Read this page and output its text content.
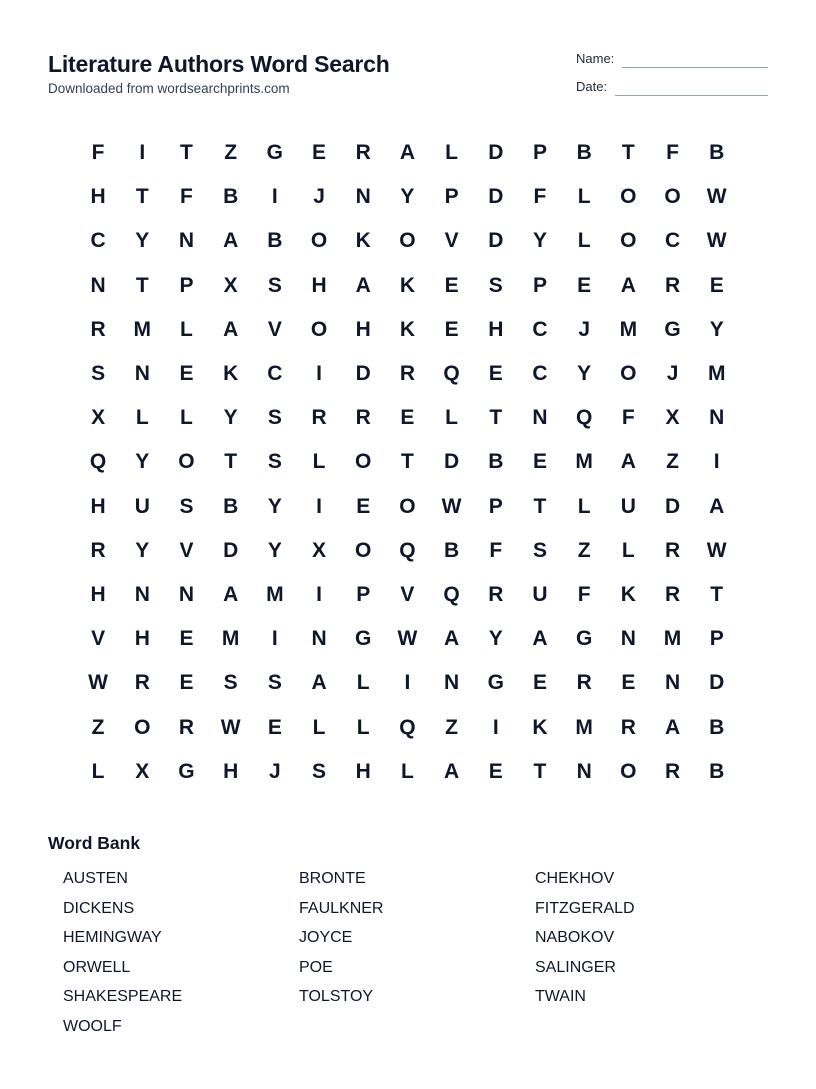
Literature Authors Word Search
Downloaded from wordsearchprints.com
Name:
Date:
F	I	T	Z	G	E	R	A	L	D	P	B	T	F	B
H	T	F	B	I	J	N	Y	P	D	F	L	O	O	W
C	Y	N	A	B	O	K	O	V	D	Y	L	O	C	W
N	T	P	X	S	H	A	K	E	S	P	E	A	R	E
R	M	L	A	V	O	H	K	E	H	C	J	M	G	Y
S	N	E	K	C	I	D	R	Q	E	C	Y	O	J	M
X	L	L	Y	S	R	R	E	L	T	N	Q	F	X	N
Q	Y	O	T	S	L	O	T	D	B	E	M	A	Z	I
H	U	S	B	Y	I	E	O	W	P	T	L	U	D	A
R	Y	V	D	Y	X	O	Q	B	F	S	Z	L	R	W
H	N	N	A	M	I	P	V	Q	R	U	F	K	R	T
V	H	E	M	I	N	G	W	A	Y	A	G	N	M	P
W	R	E	S	S	A	L	I	N	G	E	R	E	N	D
Z	O	R	W	E	L	L	Q	Z	I	K	M	R	A	B
L	X	G	H	J	S	H	L	A	E	T	N	O	R	B
Word Bank
AUSTEN	BRONTE	CHEKHOV
DICKENS	FAULKNER	FITZGERALD
HEMINGWAY	JOYCE	NABOKOV
ORWELL	POE	SALINGER
SHAKESPEARE	TOLSTOY	TWAIN
WOOLF
